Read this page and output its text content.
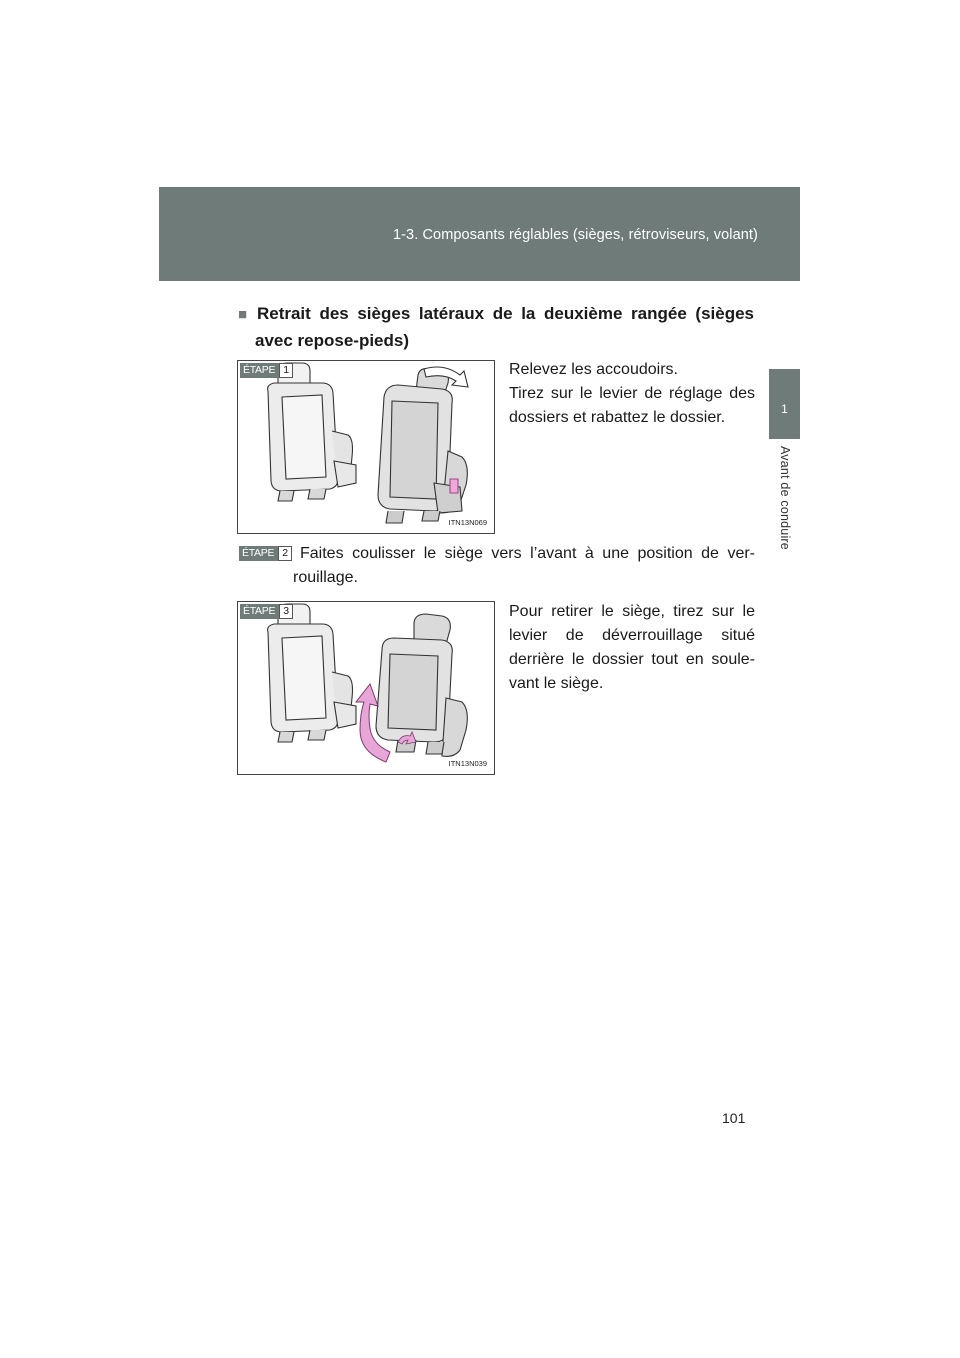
1-3. Composants réglables (sièges, rétroviseurs, volant)
1
Avant de conduire
■ Retrait des sièges latéraux de la deuxième rangée (sièges
avec repose-pieds)
ÉTAPE 1
ITN13N069
Relevez les accoudoirs.
Tirez sur le levier de réglage des
dossiers et rabattez le dossier.
ÉTAPE 2 Faites coulisser le siège vers l’avant à une position de ver-
rouillage.
ÉTAPE 3
ITN13N039
Pour retirer le siège, tirez sur le
levier de déverrouillage situé
derrière le dossier tout en soule-
vant le siège.
101
